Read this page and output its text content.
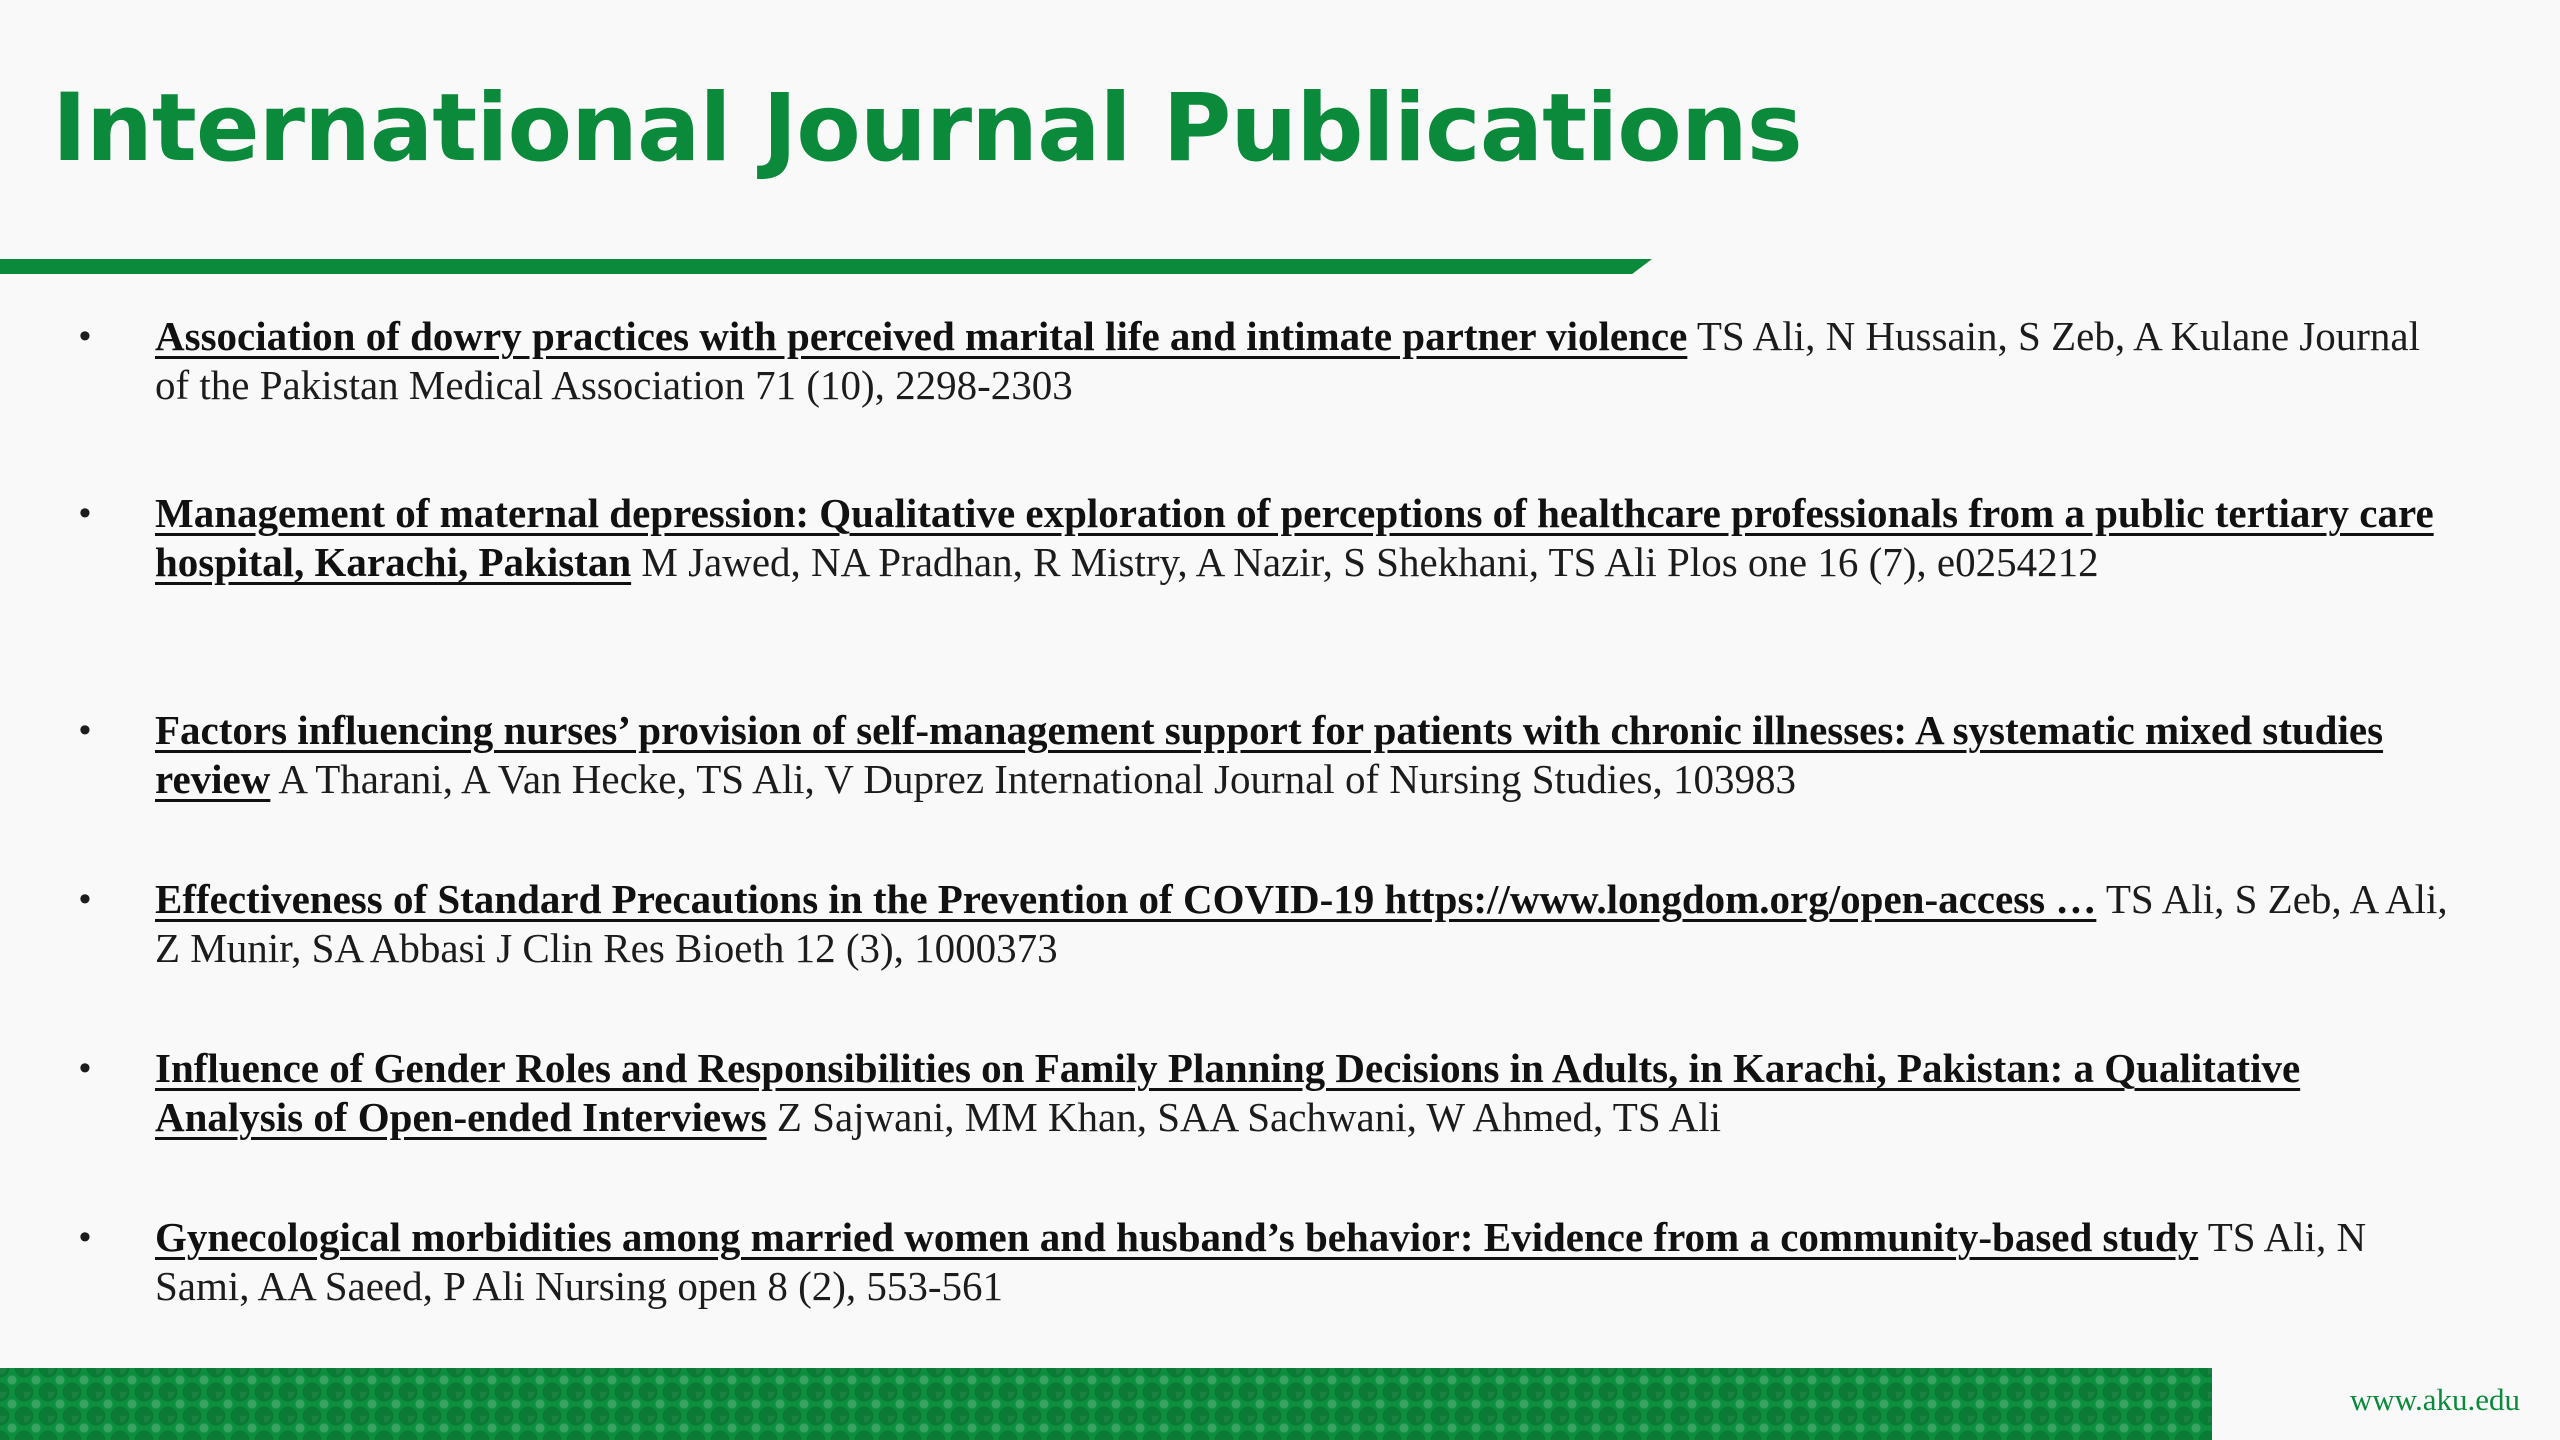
International Journal Publications
• Association of dowry practices with perceived marital life and intimate partner violence TS Ali, N Hussain, S Zeb, A Kulane Journal of the Pakistan Medical Association 71 (10), 2298-2303
• Management of maternal depression: Qualitative exploration of perceptions of healthcare professionals from a public tertiary care hospital, Karachi, Pakistan M Jawed, NA Pradhan, R Mistry, A Nazir, S Shekhani, TS Ali Plos one 16 (7), e0254212
• Factors influencing nurses’ provision of self-management support for patients with chronic illnesses: A systematic mixed studies review A Tharani, A Van Hecke, TS Ali, V Duprez International Journal of Nursing Studies, 103983
• Effectiveness of Standard Precautions in the Prevention of COVID-19 https://www.longdom.org/open-access … TS Ali, S Zeb, A Ali, Z Munir, SA Abbasi J Clin Res Bioeth 12 (3), 1000373
• Influence of Gender Roles and Responsibilities on Family Planning Decisions in Adults, in Karachi, Pakistan: a Qualitative Analysis of Open-ended Interviews Z Sajwani, MM Khan, SAA Sachwani, W Ahmed, TS Ali
• Gynecological morbidities among married women and husband’s behavior: Evidence from a community-based study TS Ali, N Sami, AA Saeed, P Ali Nursing open 8 (2), 553-561
www.aku.edu
